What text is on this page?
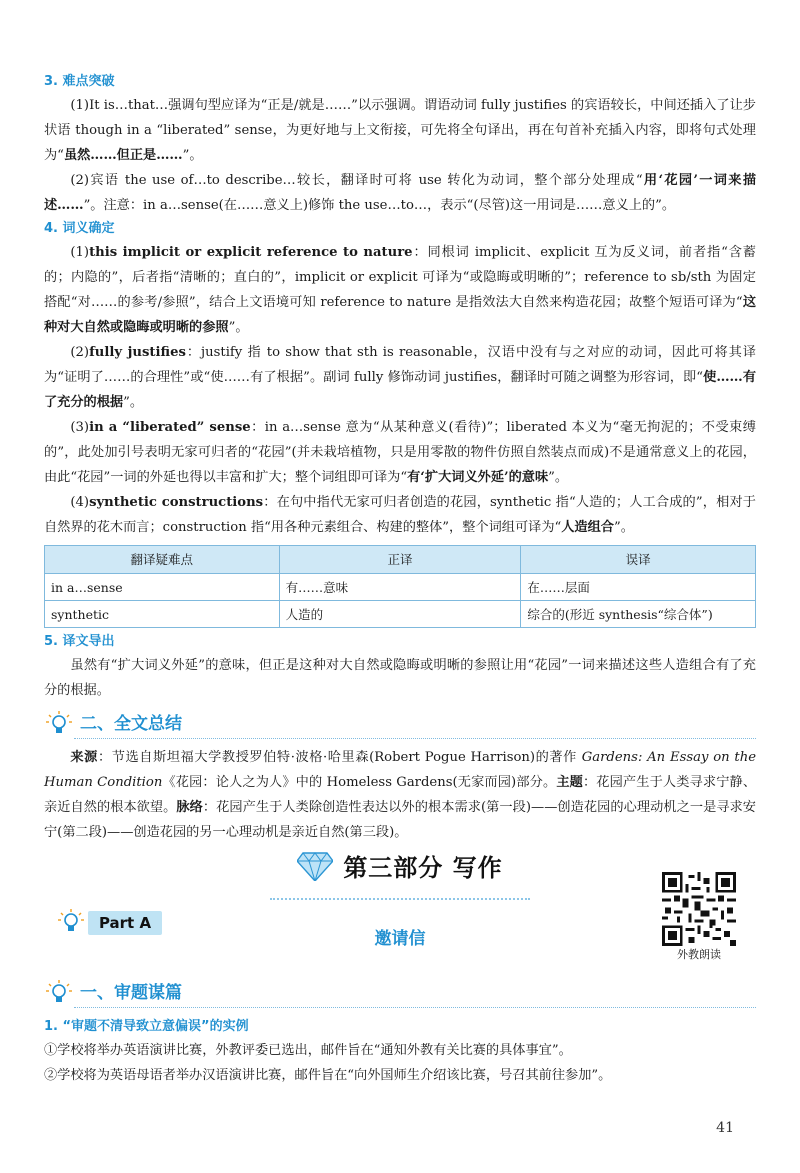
3. 难点突破

(1)It is…that…强调句型应译为“正是/就是……”以示强调。谓语动词 fully justifies 的宾语较长，中间还插入了让步状语 though in a “liberated” sense，为更好地与上文衔接，可先将全句译出，再在句首补充插入内容，即将句式处理为“虽然……但正是……”。

(2)宾语 the use of…to describe…较长，翻译时可将 use 转化为动词，整个部分处理成“用‘花园’一词来描述……”。注意：in a…sense(在……意义上)修饰 the use…to…，表示“(尽管)这一用词是……意义上的”。

4. 词义确定

(1)this implicit or explicit reference to nature：同根词 implicit、explicit 互为反义词，前者指“含蓄的；内隐的”，后者指“清晰的；直白的”，implicit or explicit 可译为“或隐晦或明晰的”；reference to sb/sth 为固定搭配“对……的参考/参照”，结合上文语境可知 reference to nature 是指效法大自然来构造花园；故整个短语可译为“这种对大自然或隐晦或明晰的参照”。

(2)fully justifies：justify 指 to show that sth is reasonable，汉语中没有与之对应的动词，因此可将其译为“证明了……的合理性”或“使……有了根据”。副词 fully 修饰动词 justifies，翻译时可随之调整为形容词，即“使……有了充分的根据”。

(3)in a “liberated” sense：in a…sense 意为“从某种意义(看待)”；liberated 本义为“毫无拘泥的；不受束缚的”，此处加引号表明无家可归者的“花园”(并未栽培植物，只是用零散的物件仿照自然装点而成)不是通常意义上的花园，由此“花园”一词的外延也得以丰富和扩大；整个词组即可译为“有‘扩大词义外延’的意味”。

(4)synthetic constructions：在句中指代无家可归者创造的花园，synthetic 指“人造的；人工合成的”，相对于自然界的花木而言；construction 指“用各种元素组合、构建的整体”，整个词组可译为“人造组合”。

翻译疑难点	正译	误译
in a…sense	有……意味	在……层面
synthetic	人造的	综合的(形近 synthesis“综合体”)
5. 译文导出

虽然有“扩大词义外延”的意味，但正是这种对大自然或隐晦或明晰的参照让用“花园”一词来描述这些人造组合有了充分的根据。

二、全文总结

来源：节选自斯坦福大学教授罗伯特·波格·哈里森(Robert Pogue Harrison)的著作 Gardens: An Essay on the Human Condition《花园：论人之为人》中的 Homeless Gardens(无家而园)部分。主题：花园产生于人类寻求宁静、亲近自然的根本欲望。脉络：花园产生于人类除创造性表达以外的根本需求(第一段)——创造花园的心理动机之一是寻求安宁(第二段)——创造花园的另一心理动机是亲近自然(第三段)。

第三部分 写作
Part A
邀请信
外教朗读
一、审题谋篇
1. “审题不清导致立意偏误”的实例

①学校将举办英语演讲比赛，外教评委已选出，邮件旨在“通知外教有关比赛的具体事宜”。

②学校将为英语母语者举办汉语演讲比赛，邮件旨在“向外国师生介绍该比赛，号召其前往参加”。

41
